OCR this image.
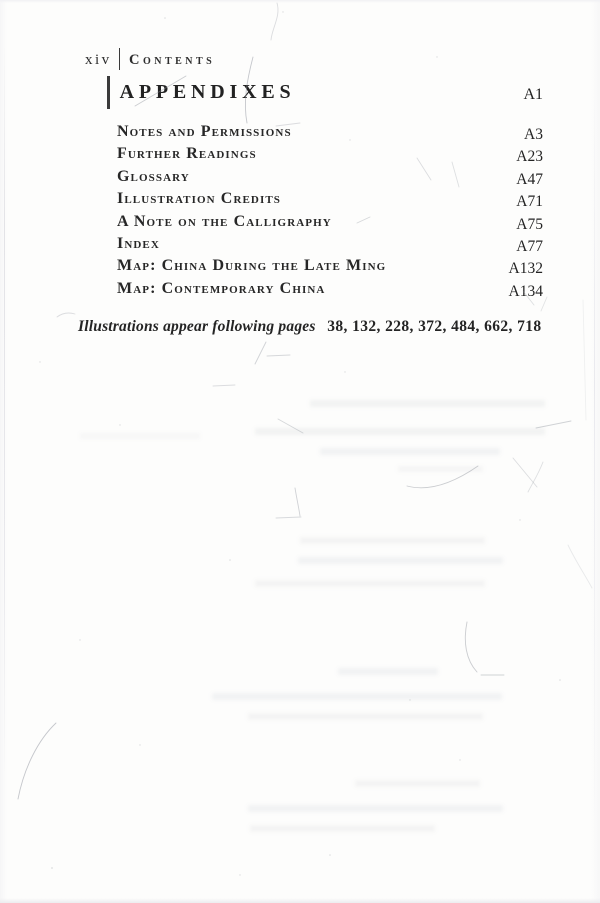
xiv Contents
APPENDIXES	A1
Notes and Permissions	A3
Further Readings	A23
Glossary	A47
Illustration Credits	A71
A Note on the Calligraphy	A75
Index	A77
Map: China During the Late Ming	A132
Map: Contemporary China	A134
Illustrations appear following pages 38, 132, 228, 372, 484, 662, 718
